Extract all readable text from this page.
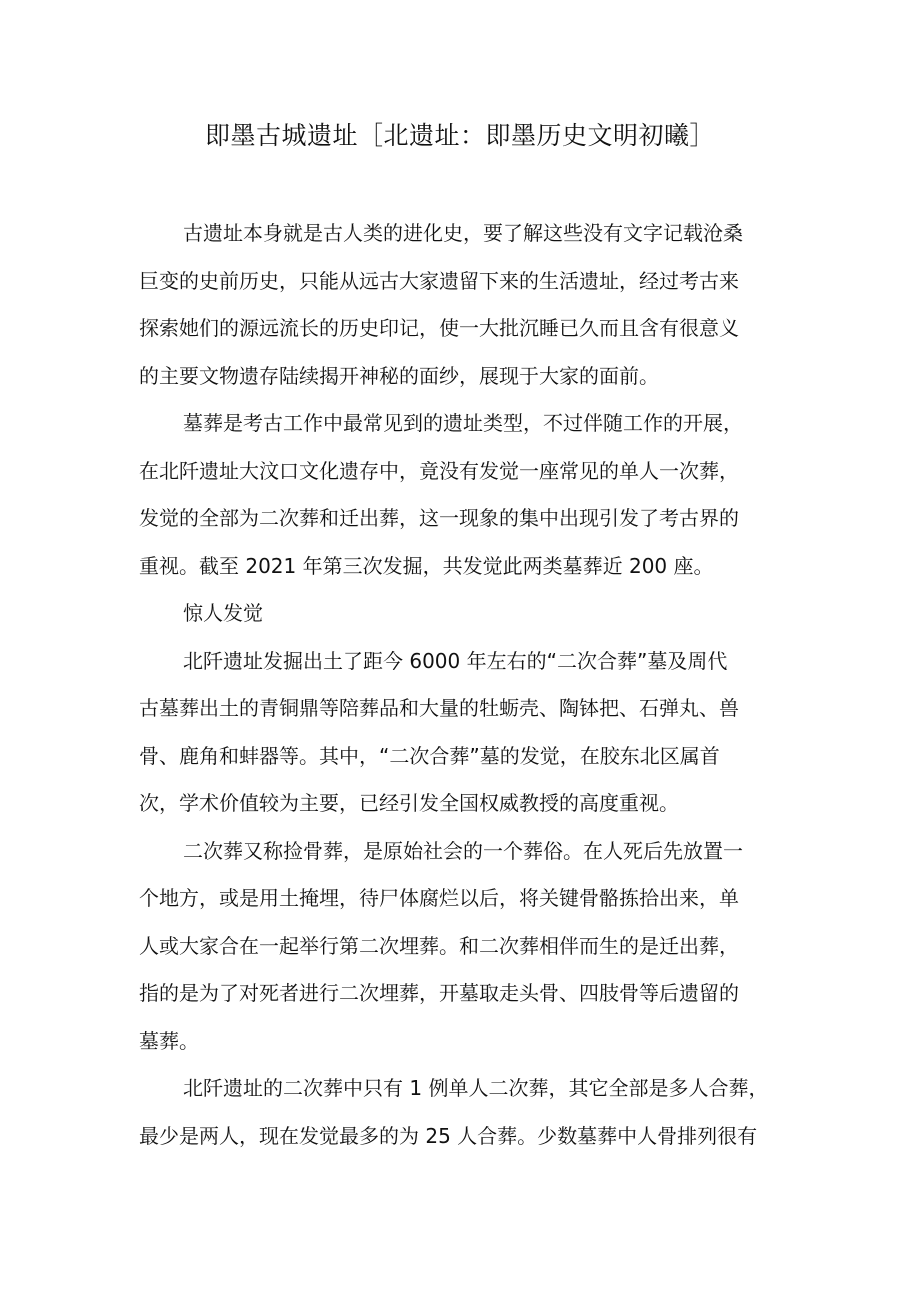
即墨古城遗址［北遗址：即墨历史文明初曦］
古遗址本身就是古人类的进化史，要了解这些没有文字记载沧桑
巨变的史前历史，只能从远古大家遗留下来的生活遗址，经过考古来
探索她们的源远流长的历史印记，使一大批沉睡已久而且含有很意义
的主要文物遗存陆续揭开神秘的面纱，展现于大家的面前。
墓葬是考古工作中最常见到的遗址类型，不过伴随工作的开展，
在北阡遗址大汶口文化遗存中，竟没有发觉一座常见的单人一次葬，
发觉的全部为二次葬和迁出葬，这一现象的集中出现引发了考古界的
重视。截至 2021 年第三次发掘，共发觉此两类墓葬近 200 座。
惊人发觉
北阡遗址发掘出土了距今 6000 年左右的“二次合葬”墓及周代
古墓葬出土的青铜鼎等陪葬品和大量的牡蛎壳、陶钵把、石弹丸、兽
骨、鹿角和蚌器等。其中，“二次合葬”墓的发觉，在胶东北区属首
次，学术价值较为主要，已经引发全国权威教授的高度重视。
二次葬又称捡骨葬，是原始社会的一个葬俗。在人死后先放置一
个地方，或是用土掩埋，待尸体腐烂以后，将关键骨骼拣拾出来，单
人或大家合在一起举行第二次埋葬。和二次葬相伴而生的是迁出葬，
指的是为了对死者进行二次埋葬，开墓取走头骨、四肢骨等后遗留的
墓葬。
北阡遗址的二次葬中只有 1 例单人二次葬，其它全部是多人合葬，
最少是两人，现在发觉最多的为 25 人合葬。少数墓葬中人骨排列很有
